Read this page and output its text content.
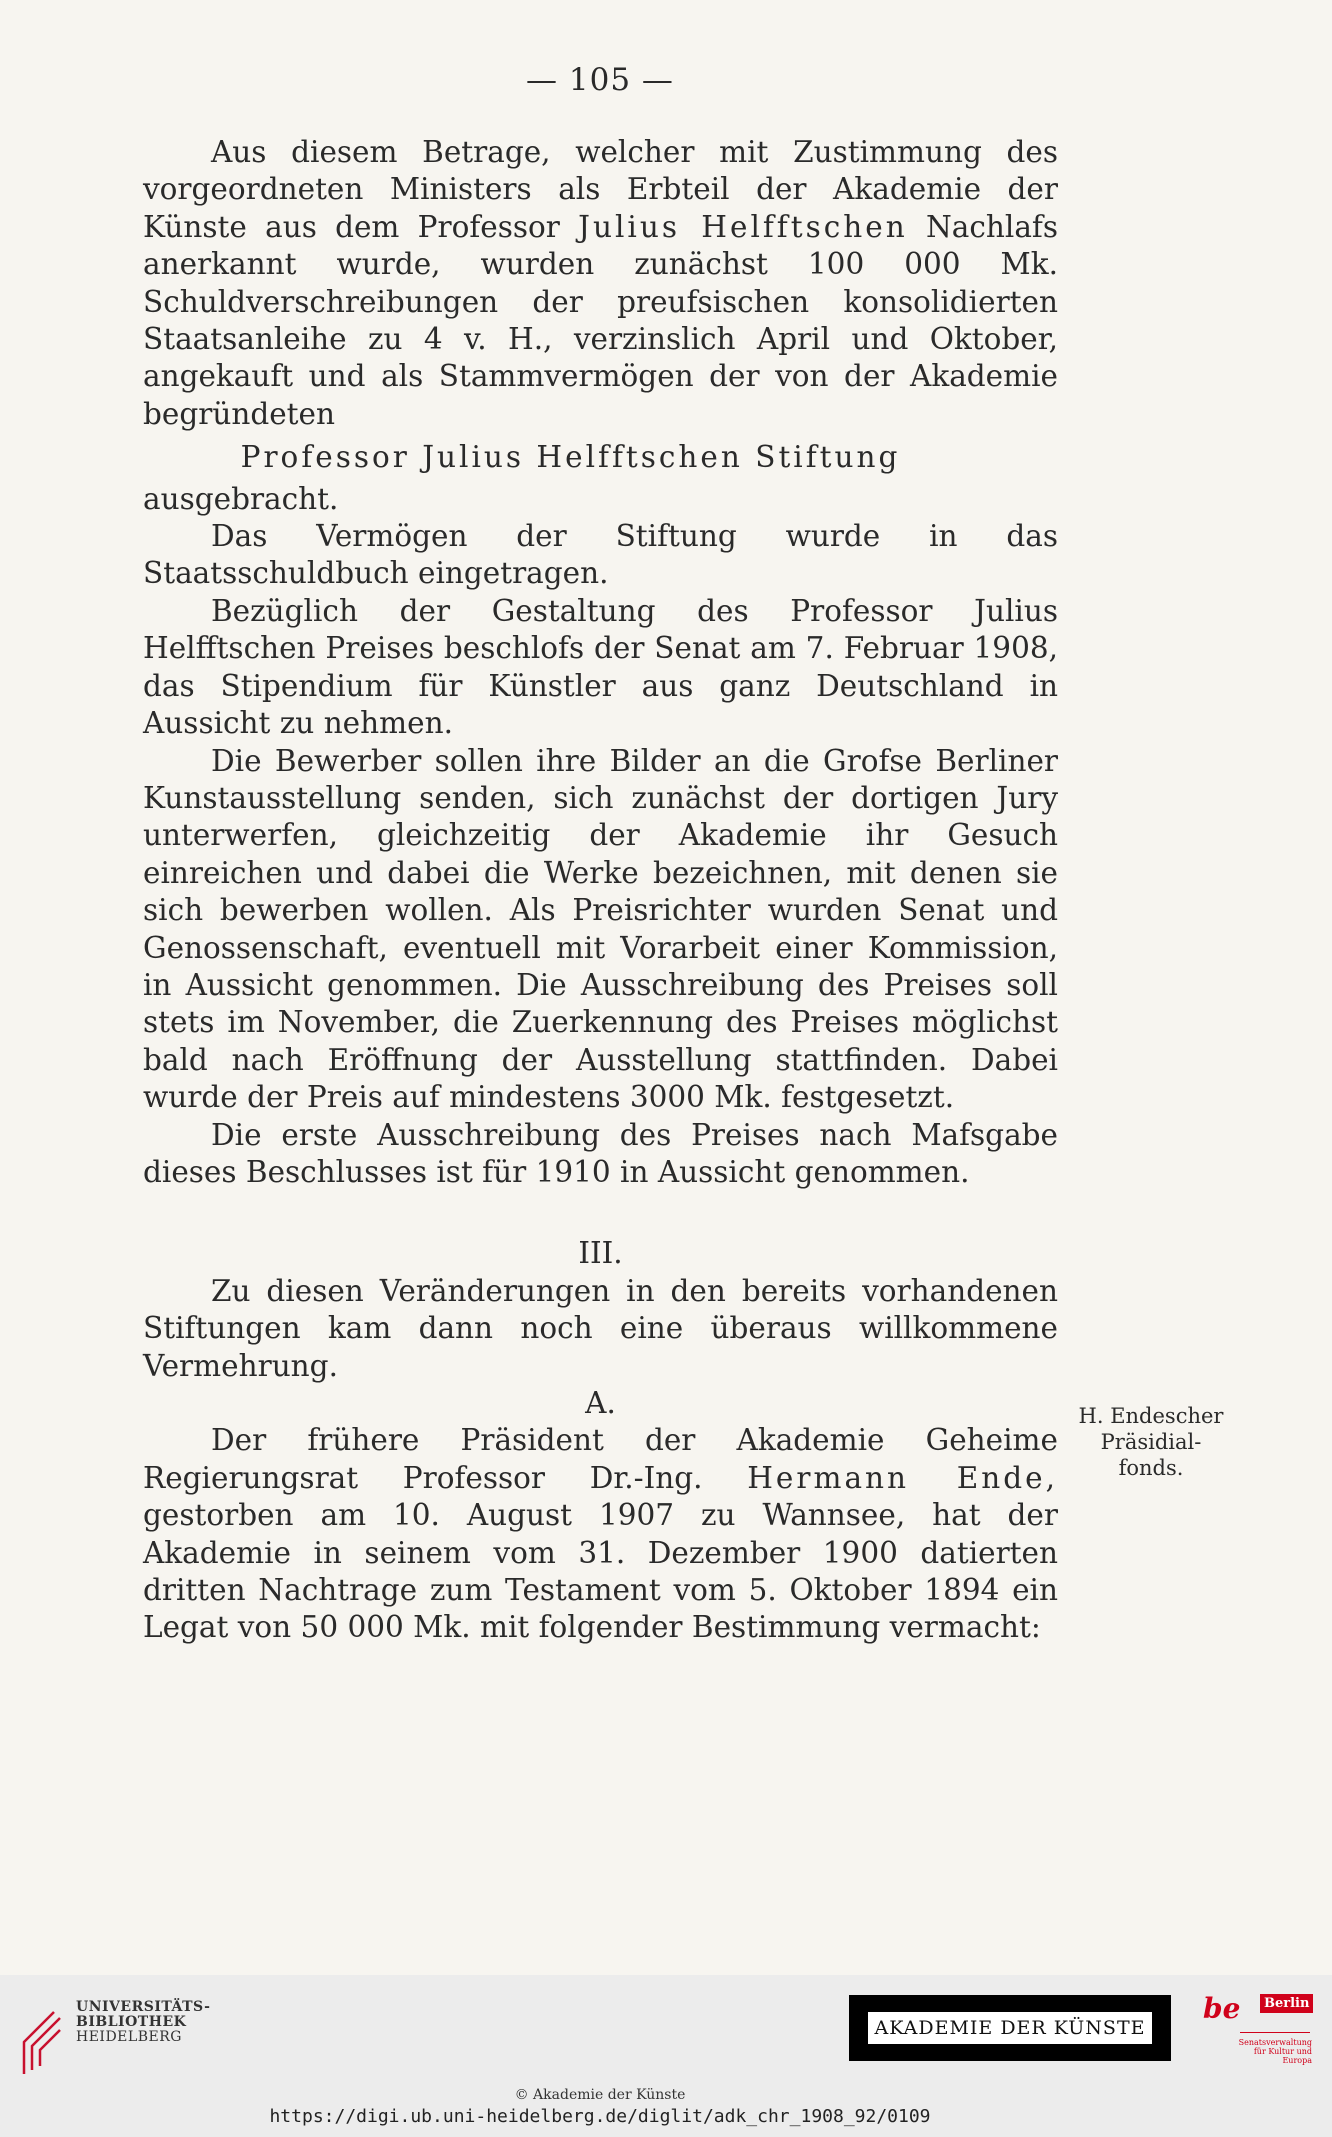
— 105 —

Aus diesem Betrage, welcher mit Zustimmung des vorgeordneten Ministers als Erbteil der Akademie der Künste aus dem Professor Julius Helfftschen Nachlafs anerkannt wurde, wurden zunächst 100 000 Mk. Schuldverschreibungen der preufsischen konsolidierten Staatsanleihe zu 4 v. H., verzinslich April und Oktober, angekauft und als Stammvermögen der von der Akademie begründeten

Professor Julius Helfftschen Stiftung

ausgebracht.

Das Vermögen der Stiftung wurde in das Staatsschuldbuch eingetragen.

Bezüglich der Gestaltung des Professor Julius Helfftschen Preises beschlofs der Senat am 7. Februar 1908, das Stipendium für Künstler aus ganz Deutschland in Aussicht zu nehmen.

Die Bewerber sollen ihre Bilder an die Grofse Berliner Kunstausstellung senden, sich zunächst der dortigen Jury unterwerfen, gleichzeitig der Akademie ihr Gesuch einreichen und dabei die Werke bezeichnen, mit denen sie sich bewerben wollen. Als Preisrichter wurden Senat und Genossenschaft, eventuell mit Vorarbeit einer Kommission, in Aussicht genommen. Die Ausschreibung des Preises soll stets im November, die Zuerkennung des Preises möglichst bald nach Eröffnung der Ausstellung stattfinden. Dabei wurde der Preis auf mindestens 3000 Mk. festgesetzt.

Die erste Ausschreibung des Preises nach Mafsgabe dieses Beschlusses ist für 1910 in Aussicht genommen.

III.

Zu diesen Veränderungen in den bereits vorhandenen Stiftungen kam dann noch eine überaus willkommene Vermehrung.

A.

Der frühere Präsident der Akademie Geheime Regierungsrat Professor Dr.-Ing. Hermann Ende, gestorben am 10. August 1907 zu Wannsee, hat der Akademie in seinem vom 31. Dezember 1900 datierten dritten Nachtrage zum Testament vom 5. Oktober 1894 ein Legat von 50 000 Mk. mit folgender Bestimmung vermacht:

H. Endescher
Präsidial-
fonds.
UNIVERSITÄTS-
BIBLIOTHEK
HEIDELBERG	AKADEMIE DER KÜNSTE
be	Berlin
Senatsverwaltung für Kultur und Europa
© Akademie der Künste
https://digi.ub.uni-heidelberg.de/diglit/adk_chr_1908_92/0109
